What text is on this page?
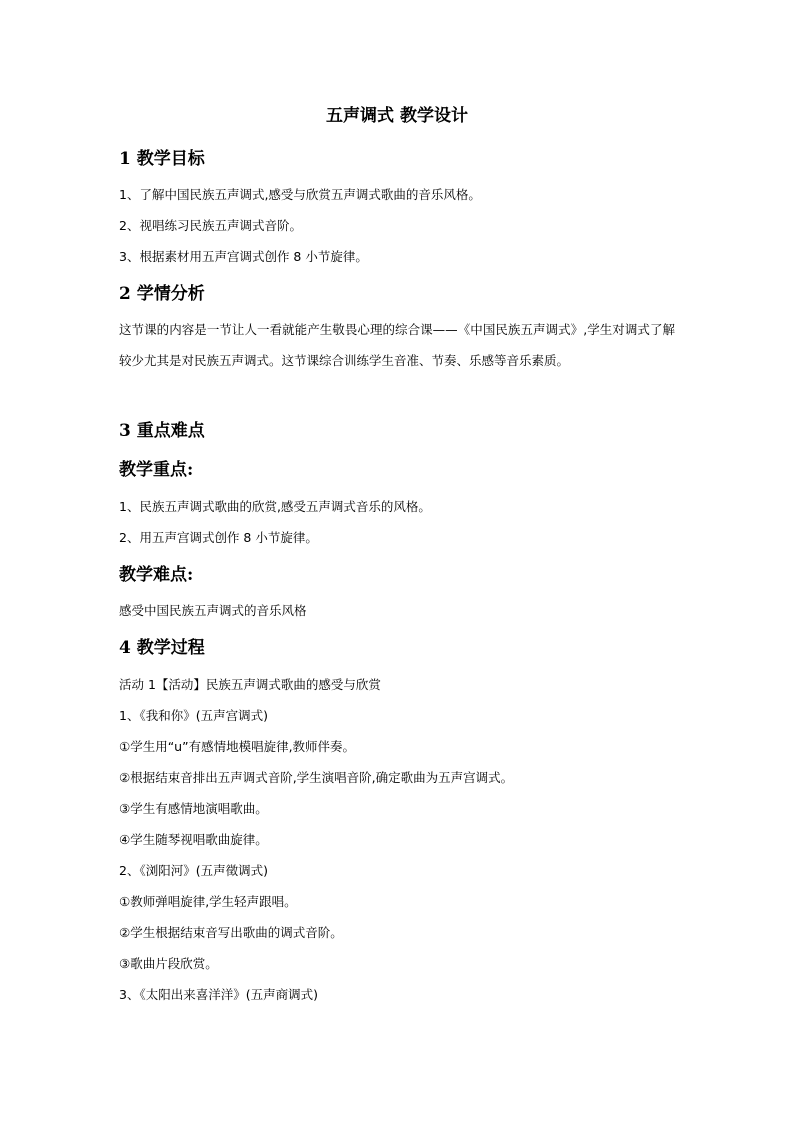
五声调式 教学设计
1 教学目标
1、了解中国民族五声调式,感受与欣赏五声调式歌曲的音乐风格。
2、视唱练习民族五声调式音阶。
3、根据素材用五声宫调式创作 8 小节旋律。
2 学情分析
这节课的内容是一节让人一看就能产生敬畏心理的综合课——《中国民族五声调式》,学生对调式了解较少尤其是对民族五声调式。这节课综合训练学生音准、节奏、乐感等音乐素质。
3 重点难点
教学重点:
1、民族五声调式歌曲的欣赏,感受五声调式音乐的风格。
2、用五声宫调式创作 8 小节旋律。
教学难点:
感受中国民族五声调式的音乐风格
4 教学过程
活动 1【活动】民族五声调式歌曲的感受与欣赏
1、《我和你》(五声宫调式)
①学生用“u”有感情地模唱旋律,教师伴奏。
②根据结束音排出五声调式音阶,学生演唱音阶,确定歌曲为五声宫调式。
③学生有感情地演唱歌曲。
④学生随琴视唱歌曲旋律。
2、《浏阳河》(五声徵调式)
①教师弹唱旋律,学生轻声跟唱。
②学生根据结束音写出歌曲的调式音阶。
③歌曲片段欣赏。
3、《太阳出来喜洋洋》(五声商调式)
